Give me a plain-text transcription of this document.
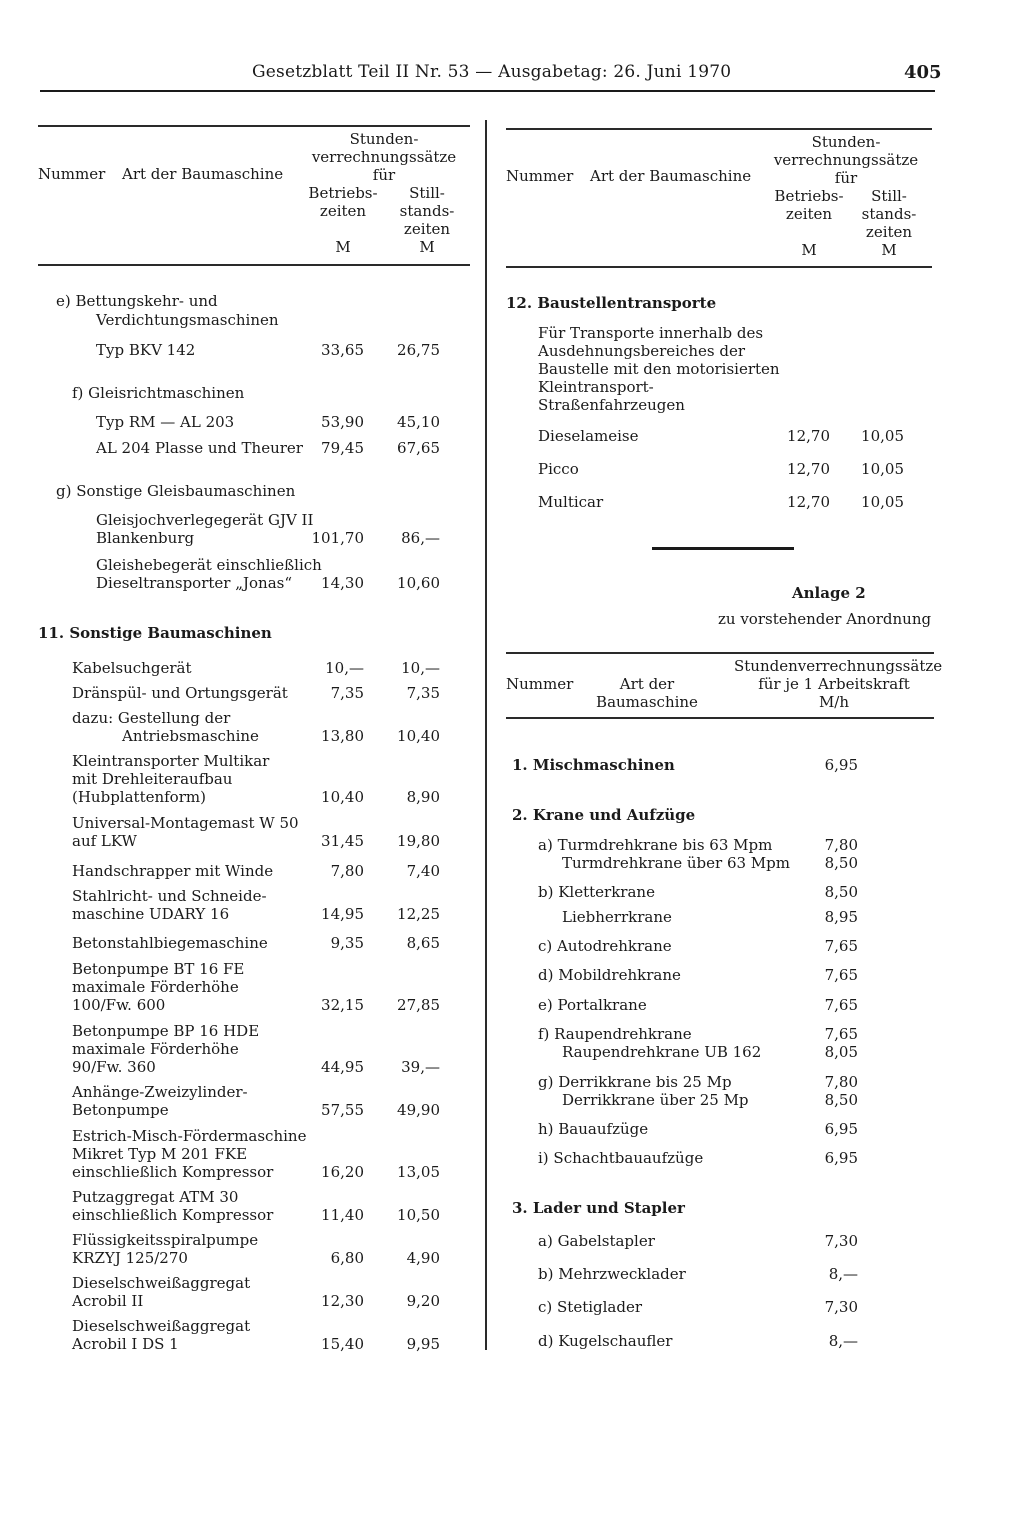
Gesetzblatt Teil II Nr. 53 — Ausgabetag: 26. Juni 1970	405
Nummer Art der Baumaschine
Stunden-
verrechnungssätze
für
Betriebs-
zeiten
Still-
stands-
zeiten
M	M
e) Bettungskehr- und
Verdichtungsmaschinen
Typ BKV 142	33,65	26,75
f) Gleisrichtmaschinen
Typ RM — AL 203	53,90	45,10
AL 204 Plasse und Theurer	79,45	67,65
g) Sonstige Gleisbaumaschinen
Gleisjochverlegegerät GJV II
Blankenburg	101,70	86,—
Gleishebegerät einschließlich
Dieseltransporter „Jonas“	14,30	10,60
11. Sonstige Baumaschinen
Kabelsuchgerät	10,—	10,—
Dränspül- und Ortungsgerät	7,35	7,35
dazu: Gestellung der
Antriebsmaschine	13,80	10,40
Kleintransporter Multikar
mit Drehleiteraufbau
(Hubplattenform)	10,40	8,90
Universal-Montagemast W 50
auf LKW	31,45	19,80
Handschrapper mit Winde	7,80	7,40
Stahlricht- und Schneide-
maschine UDARY 16	14,95	12,25
Betonstahlbiegemaschine	9,35	8,65
Betonpumpe BT 16 FE
maximale Förderhöhe
100/Fw. 600	32,15	27,85
Betonpumpe BP 16 HDE
maximale Förderhöhe
90/Fw. 360	44,95	39,—
Anhänge-Zweizylinder-
Betonpumpe	57,55	49,90
Estrich-Misch-Fördermaschine
Mikret Typ M 201 FKE
einschließlich Kompressor	16,20	13,05
Putzaggregat ATM 30
einschließlich Kompressor	11,40	10,50
Flüssigkeitsspiralpumpe
KRZYJ 125/270	6,80	4,90
Dieselschweißaggregat
Acrobil II	12,30	9,20
Dieselschweißaggregat
Acrobil I DS 1	15,40	9,95
Nummer Art der Baumaschine
Stunden-
verrechnungssätze
für
Betriebs-
zeiten
Still-
stands-
zeiten
M	M
12. Baustellentransporte
Für Transporte innerhalb des
Ausdehnungsbereiches der
Baustelle mit den motorisierten
Kleintransport-
Straßenfahrzeugen
Dieselameise	12,70	10,05
Picco	12,70	10,05
Multicar	12,70	10,05
Anlage 2
zu vorstehender Anordnung
Nummer	Art der
Baumaschine
Stundenverrechnungssätze
für je 1 Arbeitskraft
M/h
1. Mischmaschinen	6,95
2. Krane und Aufzüge
a) Turmdrehkrane bis 63 Mpm	7,80
Turmdrehkrane über 63 Mpm	8,50
b) Kletterkrane	8,50
Liebherrkrane	8,95
c) Autodrehkrane	7,65
d) Mobildrehkrane	7,65
e) Portalkrane	7,65
f) Raupendrehkrane	7,65
Raupendrehkrane UB 162	8,05
g) Derrikkrane bis 25 Mp	7,80
Derrikkrane über 25 Mp	8,50
h) Bauaufzüge	6,95
i) Schachtbauaufzüge	6,95
3. Lader und Stapler
a) Gabelstapler	7,30
b) Mehrzwecklader	8,—
c) Stetiglader	7,30
d) Kugelschaufler	8,—
